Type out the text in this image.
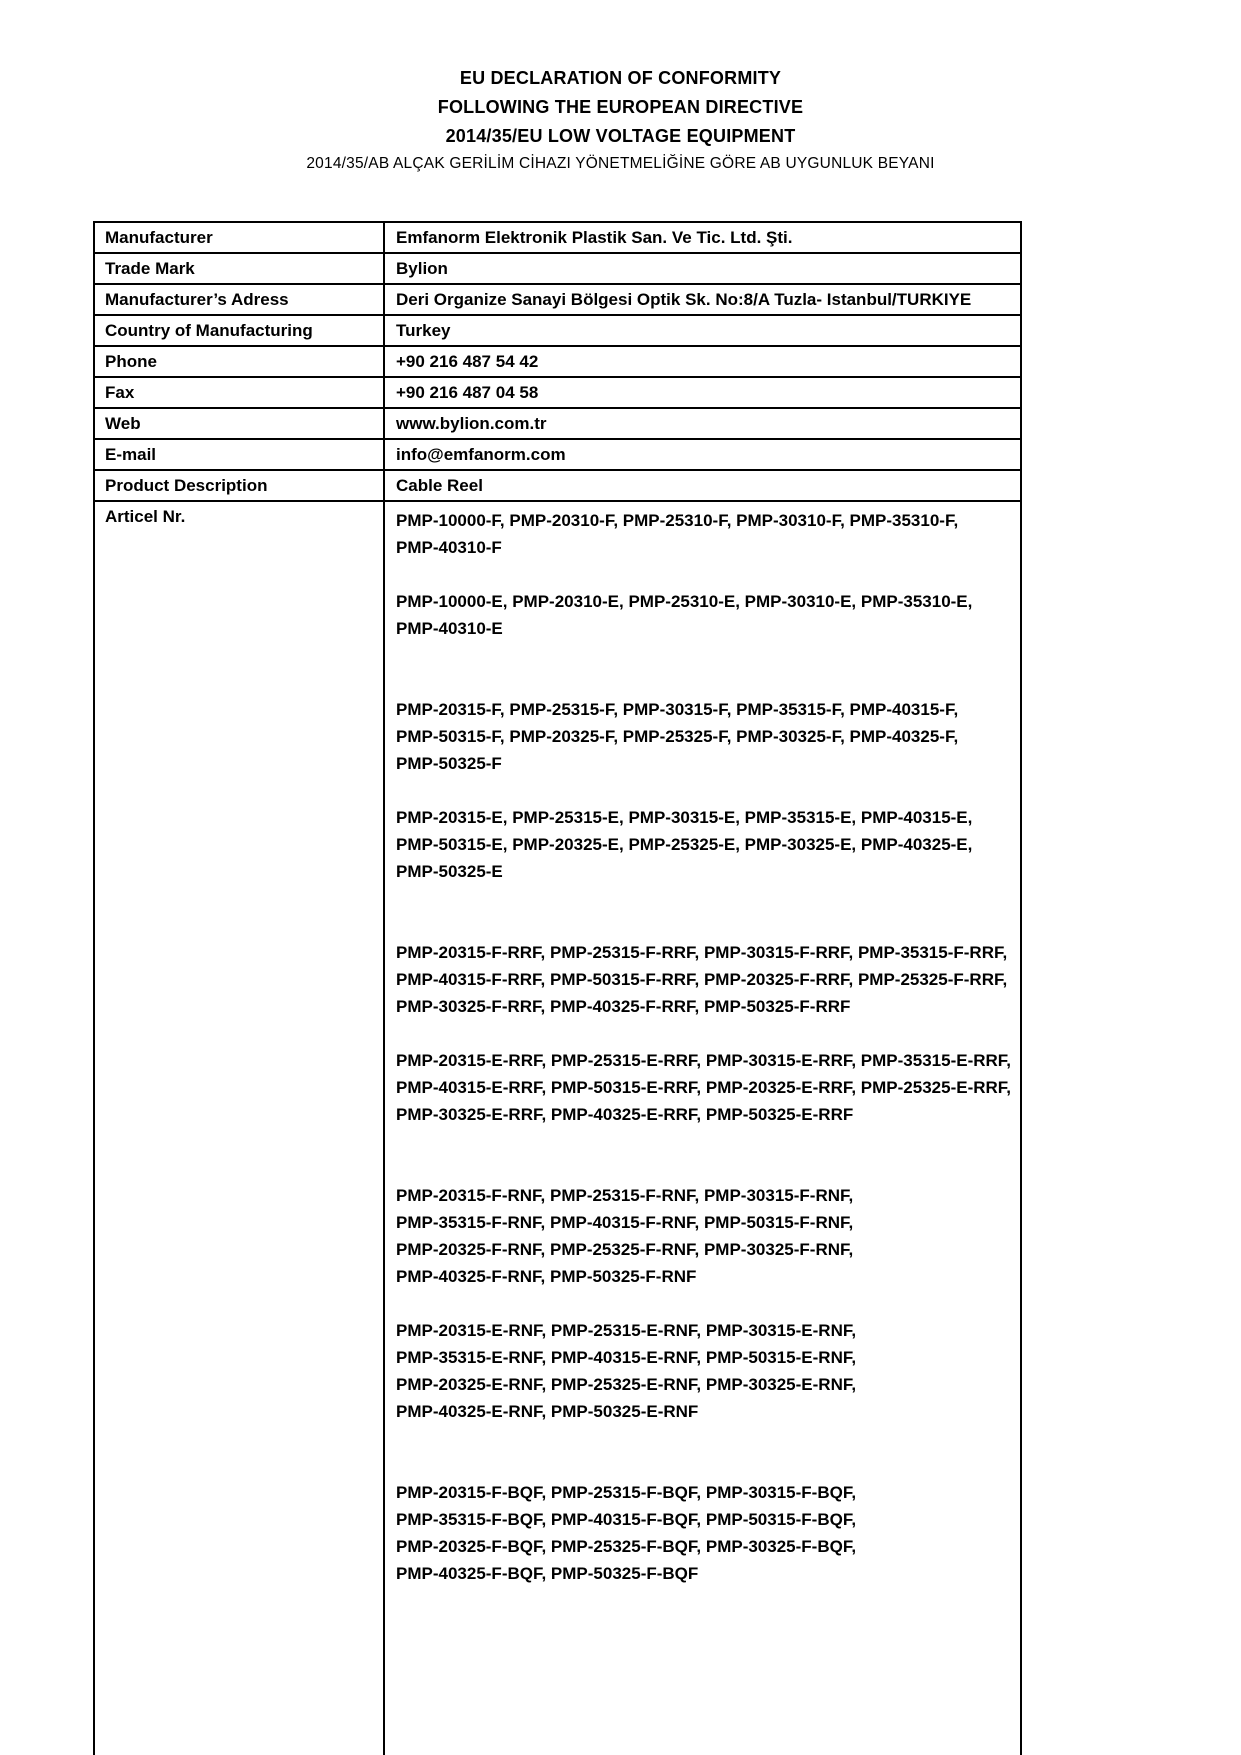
EU DECLARATION OF CONFORMITY
FOLLOWING THE EUROPEAN DIRECTIVE
2014/35/EU LOW VOLTAGE EQUIPMENT
2014/35/AB ALÇAK GERİLİM CİHAZI YÖNETMELİĞİNE GÖRE AB UYGUNLUK BEYANI
Manufacturer	Emfanorm Elektronik Plastik San. Ve Tic. Ltd. Şti.
Trade Mark	Bylion
Manufacturer’s Adress	Deri Organize Sanayi Bölgesi Optik Sk. No:8/A Tuzla- Istanbul/TURKIYE
Country of Manufacturing	Turkey
Phone	+90 216 487 54 42
Fax	+90 216 487 04 58
Web	www.bylion.com.tr
E-mail	info@emfanorm.com
Product Description	Cable Reel
Articel Nr.	PMP-10000-F, PMP-20310-F, PMP-25310-F, PMP-30310-F, PMP-35310-F,
PMP-40310-F
PMP-10000-E, PMP-20310-E, PMP-25310-E, PMP-30310-E, PMP-35310-E,
PMP-40310-E
PMP-20315-F, PMP-25315-F, PMP-30315-F, PMP-35315-F, PMP-40315-F,
PMP-50315-F, PMP-20325-F, PMP-25325-F, PMP-30325-F, PMP-40325-F,
PMP-50325-F
PMP-20315-E, PMP-25315-E, PMP-30315-E, PMP-35315-E, PMP-40315-E,
PMP-50315-E, PMP-20325-E, PMP-25325-E, PMP-30325-E, PMP-40325-E,
PMP-50325-E
PMP-20315-F-RRF, PMP-25315-F-RRF, PMP-30315-F-RRF, PMP-35315-F-RRF,
PMP-40315-F-RRF, PMP-50315-F-RRF, PMP-20325-F-RRF, PMP-25325-F-RRF,
PMP-30325-F-RRF, PMP-40325-F-RRF, PMP-50325-F-RRF
PMP-20315-E-RRF, PMP-25315-E-RRF, PMP-30315-E-RRF, PMP-35315-E-RRF,
PMP-40315-E-RRF, PMP-50315-E-RRF, PMP-20325-E-RRF, PMP-25325-E-RRF,
PMP-30325-E-RRF, PMP-40325-E-RRF, PMP-50325-E-RRF
PMP-20315-F-RNF, PMP-25315-F-RNF, PMP-30315-F-RNF,
PMP-35315-F-RNF, PMP-40315-F-RNF, PMP-50315-F-RNF,
PMP-20325-F-RNF, PMP-25325-F-RNF, PMP-30325-F-RNF,
PMP-40325-F-RNF, PMP-50325-F-RNF
PMP-20315-E-RNF, PMP-25315-E-RNF, PMP-30315-E-RNF,
PMP-35315-E-RNF, PMP-40315-E-RNF, PMP-50315-E-RNF,
PMP-20325-E-RNF, PMP-25325-E-RNF, PMP-30325-E-RNF,
PMP-40325-E-RNF, PMP-50325-E-RNF
PMP-20315-F-BQF, PMP-25315-F-BQF, PMP-30315-F-BQF,
PMP-35315-F-BQF, PMP-40315-F-BQF, PMP-50315-F-BQF,
PMP-20325-F-BQF, PMP-25325-F-BQF, PMP-30325-F-BQF,
PMP-40325-F-BQF, PMP-50325-F-BQF
